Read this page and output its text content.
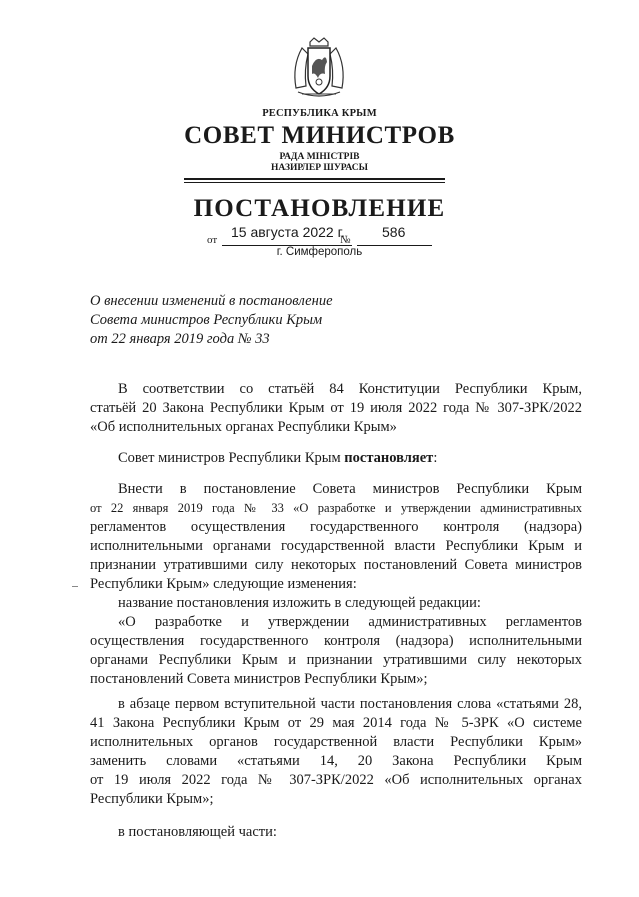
РЕСПУБЛИКА КРЫМ
СОВЕТ МИНИСТРОВ
РАДА МІНІСТРІВ
НАЗИРЛЕР ШУРАСЫ
ПОСТАНОВЛЕНИЕ
от 15 августа 2022 г.
№ 586
г. Симферополь
О внесении изменений в постановление
Совета министров Республики Крым
от 22 января 2019 года № 33
В соответствии со статьёй 84 Конституции Республики Крым,
статьёй 20 Закона Республики Крым от 19 июля 2022 года № 307-ЗРК/2022
«Об исполнительных органах Республики Крым»
Совет министров Республики Крым постановляет:
Внести в постановление Совета министров Республики Крым
от 22 января 2019 года № 33 «О разработке и утверждении административных
регламентов осуществления государственного контроля (надзора)
исполнительными органами государственной власти Республики Крым и
признании утратившими силу некоторых постановлений Совета министров
Республики Крым» следующие изменения:
название постановления изложить в следующей редакции:
«О разработке и утверждении административных регламентов
осуществления государственного контроля (надзора) исполнительными
органами Республики Крым и признании утратившими силу некоторых
постановлений Совета министров Республики Крым»;
в абзаце первом вступительной части постановления слова «статьями 28,
41 Закона Республики Крым от 29 мая 2014 года № 5-ЗРК «О системе
исполнительных органов государственной власти Республики Крым»
заменить словами «статьями 14, 20 Закона Республики Крым
от 19 июля 2022 года № 307-ЗРК/2022 «Об исполнительных органах
Республики Крым»;
в постановляющей части:
